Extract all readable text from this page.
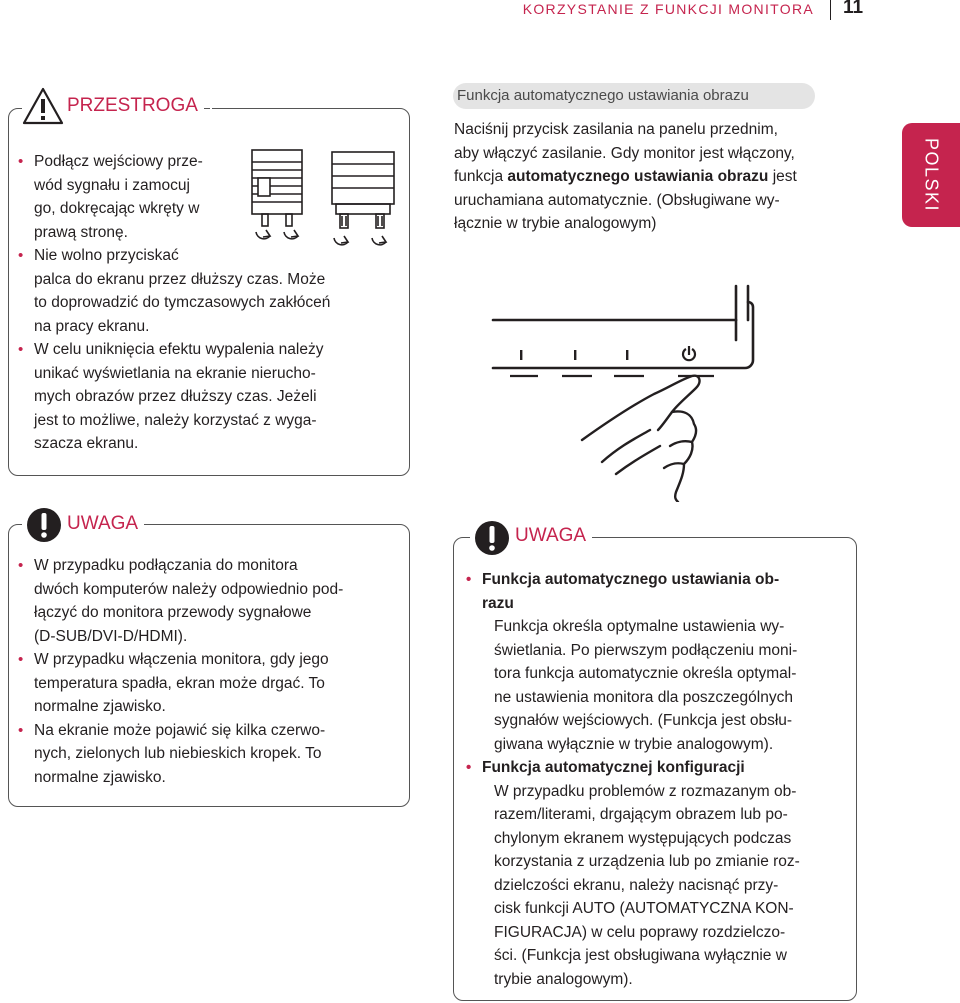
KORZYSTANIE Z FUNKCJI MONITORA 11
POLSKI
PRZESTROGA

• Podłącz wejściowy prze-
wód sygnału i zamocuj
go, dokręcając wkręty w
prawą stronę.

• Nie wolno przyciskać
palca do ekranu przez dłuższy czas. Może
to doprowadzić do tymczasowych zakłóceń
na pracy ekranu.

• W celu uniknięcia efektu wypalenia należy
unikać wyświetlania na ekranie nierucho-
mych obrazów przez dłuższy czas. Jeżeli
jest to możliwe, należy korzystać z wyga-
szacza ekranu.

Funkcja automatycznego ustawiania obrazu
Naciśnij przycisk zasilania na panelu przednim,
aby włączyć zasilanie. Gdy monitor jest włączony,
funkcja automatycznego ustawiania obrazu jest
uruchamiana automatycznie. (Obsługiwane wy-
łącznie w trybie analogowym)
UWAGA

• W przypadku podłączania do monitora
dwóch komputerów należy odpowiednio pod-
łączyć do monitora przewody sygnałowe
(D-SUB/DVI-D/HDMI).

• W przypadku włączenia monitora, gdy jego
temperatura spadła, ekran może drgać. To
normalne zjawisko.

• Na ekranie może pojawić się kilka czerwo-
nych, zielonych lub niebieskich kropek. To
normalne zjawisko.

UWAGA

• Funkcja automatycznego ustawiania ob-
razu

Funkcja określa optymalne ustawienia wy-
świetlania. Po pierwszym podłączeniu moni-
tora funkcja automatycznie określa optymal-
ne ustawienia monitora dla poszczególnych
sygnałów wejściowych. (Funkcja jest obsłu-
giwana wyłącznie w trybie analogowym).

• Funkcja automatycznej konfiguracji

W przypadku problemów z rozmazanym ob-
razem/literami, drgającym obrazem lub po-
chylonym ekranem występujących podczas
korzystania z urządzenia lub po zmianie roz-
dzielczości ekranu, należy nacisnąć przy-
cisk funkcji AUTO (AUTOMATYCZNA KON-
FIGURACJA) w celu poprawy rozdzielczo-
ści. (Funkcja jest obsługiwana wyłącznie w
trybie analogowym).
